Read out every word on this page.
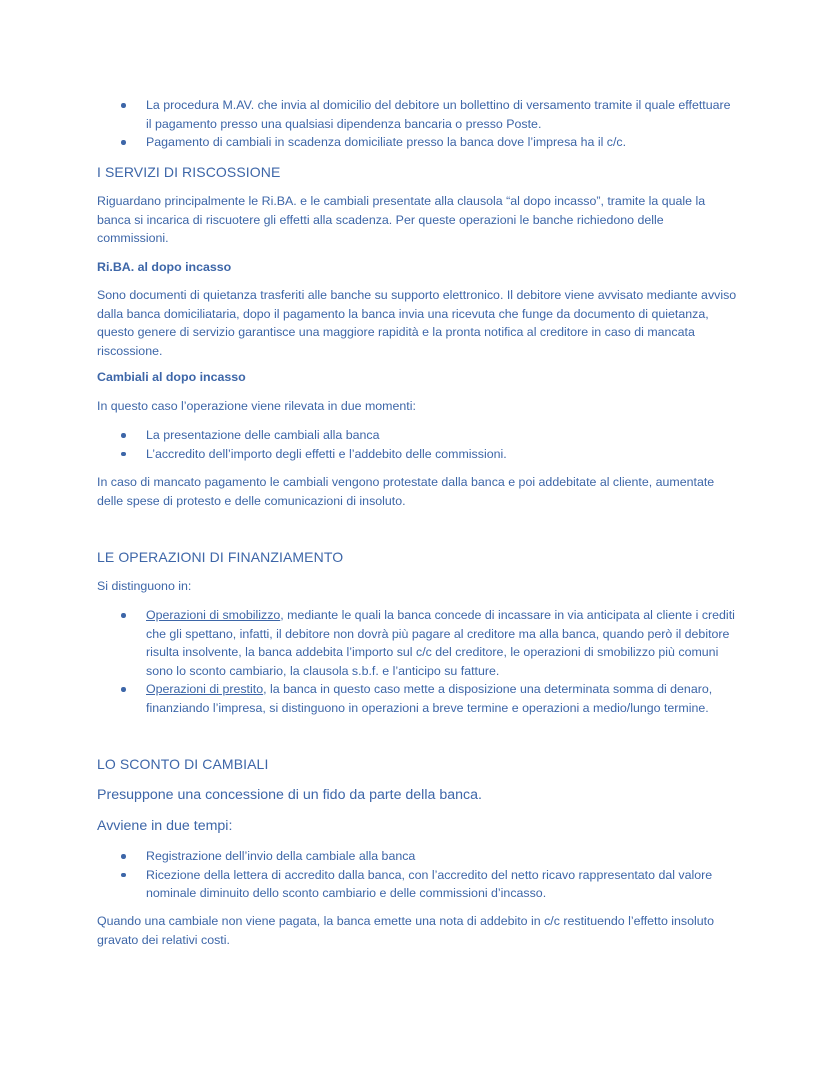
La procedura M.AV. che invia al domicilio del debitore un bollettino di versamento tramite il quale effettuare il pagamento presso una qualsiasi dipendenza bancaria o presso Poste.
Pagamento di cambiali in scadenza domiciliate presso la banca dove l’impresa ha il c/c.
I SERVIZI DI RISCOSSIONE
Riguardano principalmente le Ri.BA. e le cambiali presentate alla clausola “al dopo incasso”, tramite la quale la banca si incarica di riscuotere gli effetti alla scadenza. Per queste operazioni le banche richiedono delle commissioni.
Ri.BA. al dopo incasso
Sono documenti di quietanza trasferiti alle banche su supporto elettronico. Il debitore viene avvisato mediante avviso dalla banca domiciliataria, dopo il pagamento la banca invia una ricevuta che funge da documento di quietanza, questo genere di servizio garantisce una maggiore rapidità e la pronta notifica al creditore in caso di mancata riscossione.
Cambiali al dopo incasso
In questo caso l’operazione viene rilevata in due momenti:
La presentazione delle cambiali alla banca
L’accredito dell’importo degli effetti e l’addebito delle commissioni.
In caso di mancato pagamento le cambiali vengono protestate dalla banca e poi addebitate al cliente, aumentate delle spese di protesto e delle comunicazioni di insoluto.
LE OPERAZIONI DI FINANZIAMENTO
Si distinguono in:
Operazioni di smobilizzo, mediante le quali la banca concede di incassare in via anticipata al cliente i crediti che gli spettano, infatti, il debitore non dovrà più pagare al creditore ma alla banca, quando però il debitore risulta insolvente, la banca addebita l’importo sul c/c del creditore, le operazioni di smobilizzo più comuni sono lo sconto cambiario, la clausola s.b.f. e l’anticipo su fatture.
Operazioni di prestito, la banca in questo caso mette a disposizione una determinata somma di denaro, finanziando l’impresa, si distinguono in operazioni a breve termine e operazioni a medio/lungo termine.
LO SCONTO DI CAMBIALI
Presuppone una concessione di un fido da parte della banca.
Avviene in due tempi:
Registrazione dell’invio della cambiale alla banca
Ricezione della lettera di accredito dalla banca, con l’accredito del netto ricavo rappresentato dal valore nominale diminuito dello sconto cambiario e delle commissioni d’incasso.
Quando una cambiale non viene pagata, la banca emette una nota di addebito in c/c restituendo l’effetto insoluto gravato dei relativi costi.
